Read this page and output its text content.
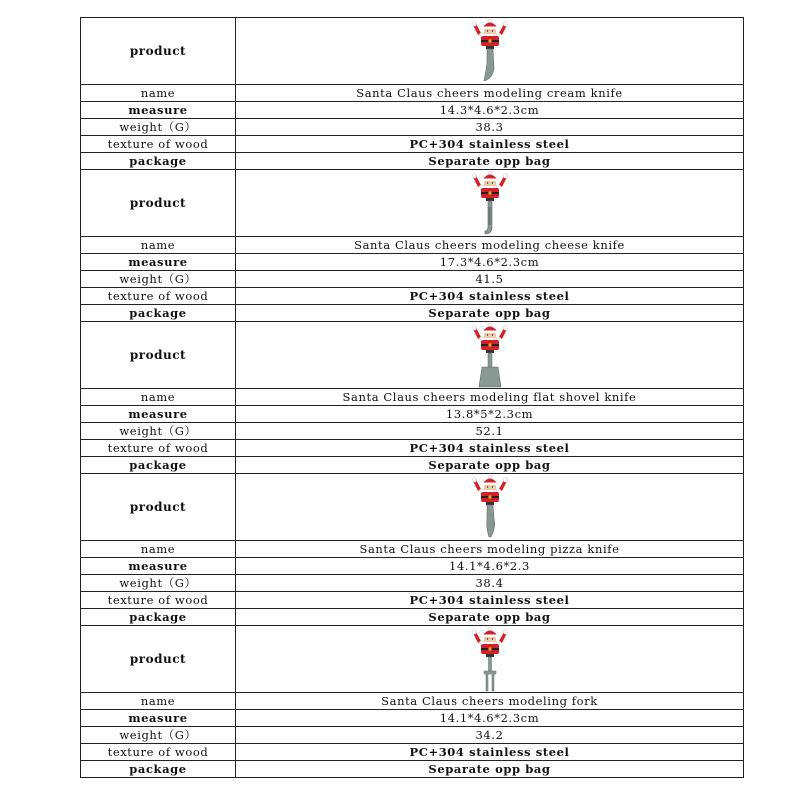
product	

name	Santa Claus cheers modeling cream knife
measure	14.3*4.6*2.3cm
weight（G）	38.3
texture of wood	PC+304 stainless steel
package	Separate opp bag
product	

name	Santa Claus cheers modeling cheese knife
measure	17.3*4.6*2.3cm
weight（G）	41.5
texture of wood	PC+304 stainless steel
package	Separate opp bag
product	

name	Santa Claus cheers modeling flat shovel knife
measure	13.8*5*2.3cm
weight（G）	52.1
texture of wood	PC+304 stainless steel
package	Separate opp bag
product	

name	Santa Claus cheers modeling pizza knife
measure	14.1*4.6*2.3
weight（G）	38.4
texture of wood	PC+304 stainless steel
package	Separate opp bag
product	

name	Santa Claus cheers modeling fork
measure	14.1*4.6*2.3cm
weight（G）	34.2
texture of wood	PC+304 stainless steel
package	Separate opp bag
